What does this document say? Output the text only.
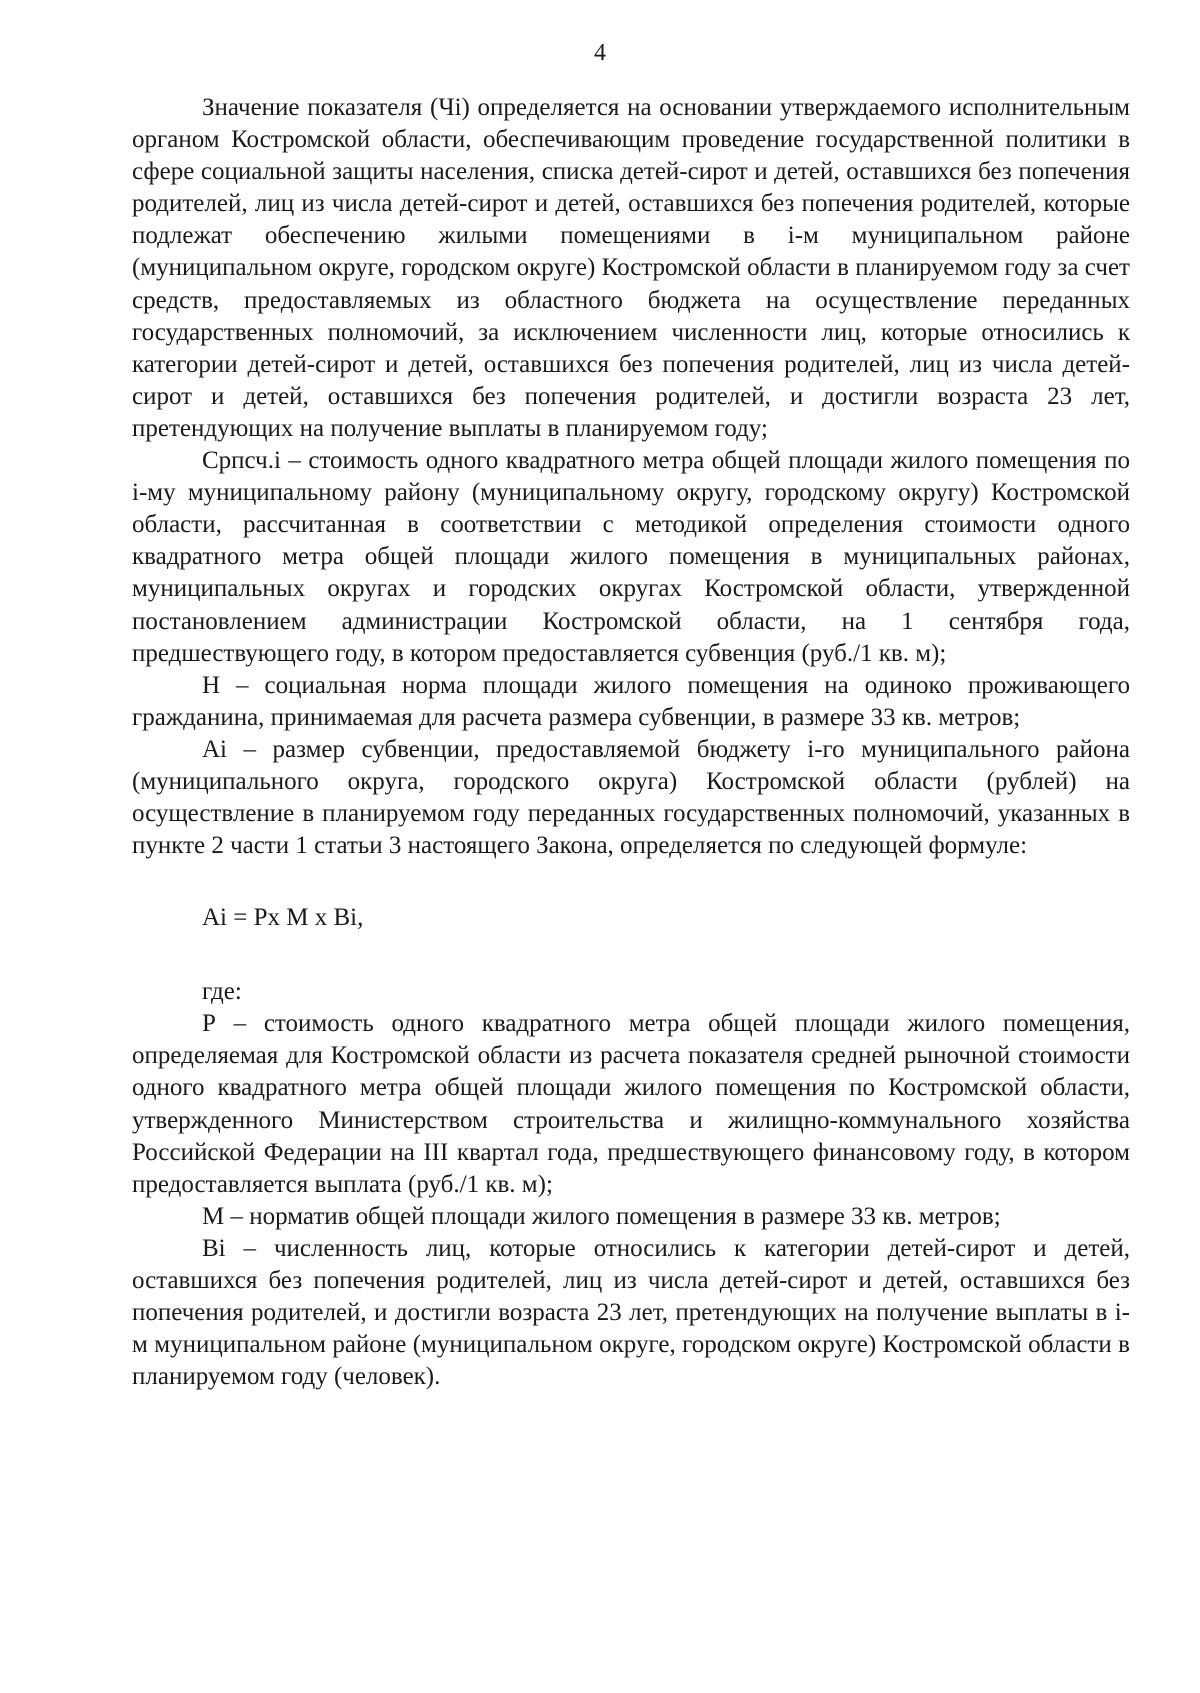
4

Значение показателя (Чi) определяется на основании утверждаемого исполнительным органом Костромской области, обеспечивающим проведение государственной политики в сфере социальной защиты населения, списка детей-сирот и детей, оставшихся без попечения родителей, лиц из числа детей-сирот и детей, оставшихся без попечения родителей, которые подлежат обеспечению жилыми помещениями в i-м муниципальном районе (муниципальном округе, городском округе) Костромской области в планируемом году за счет средств, предоставляемых из областного бюджета на осуществление переданных государственных полномочий, за исключением численности лиц, которые относились к категории детей-сирот и детей, оставшихся без попечения родителей, лиц из числа детей-сирот и детей, оставшихся без попечения родителей, и достигли возраста 23 лет, претендующих на получение выплаты в планируемом году;

Српсч.i – стоимость одного квадратного метра общей площади жилого помещения по i-му муниципальному району (муниципальному округу, городскому округу) Костромской области, рассчитанная в соответствии с методикой определения стоимости одного квадратного метра общей площади жилого помещения в муниципальных районах, муниципальных округах и городских округах Костромской области, утвержденной постановлением администрации Костромской области, на 1 сентября года, предшествующего году, в котором предоставляется субвенция (руб./1 кв. м);

Н – социальная норма площади жилого помещения на одиноко проживающего гражданина, принимаемая для расчета размера субвенции, в размере 33 кв. метров;

Аi – размер субвенции, предоставляемой бюджету i-го муниципального района (муниципального округа, городского округа) Костромской области (рублей) на осуществление в планируемом году переданных государственных полномочий, указанных в пункте 2 части 1 статьи 3 настоящего Закона, определяется по следующей формуле:

Аi = Рх М х Вi,

где:

Р – стоимость одного квадратного метра общей площади жилого помещения, определяемая для Костромской области из расчета показателя средней рыночной стоимости одного квадратного метра общей площади жилого помещения по Костромской области, утвержденного Министерством строительства и жилищно-коммунального хозяйства Российской Федерации на III квартал года, предшествующего финансовому году, в котором предоставляется выплата (руб./1 кв. м);

М – норматив общей площади жилого помещения в размере 33 кв. метров;

Вi – численность лиц, которые относились к категории детей-сирот и детей, оставшихся без попечения родителей, лиц из числа детей-сирот и детей, оставшихся без попечения родителей, и достигли возраста 23 лет, претендующих на получение выплаты в i-м муниципальном районе (муниципальном округе, городском округе) Костромской области в планируемом году (человек).
